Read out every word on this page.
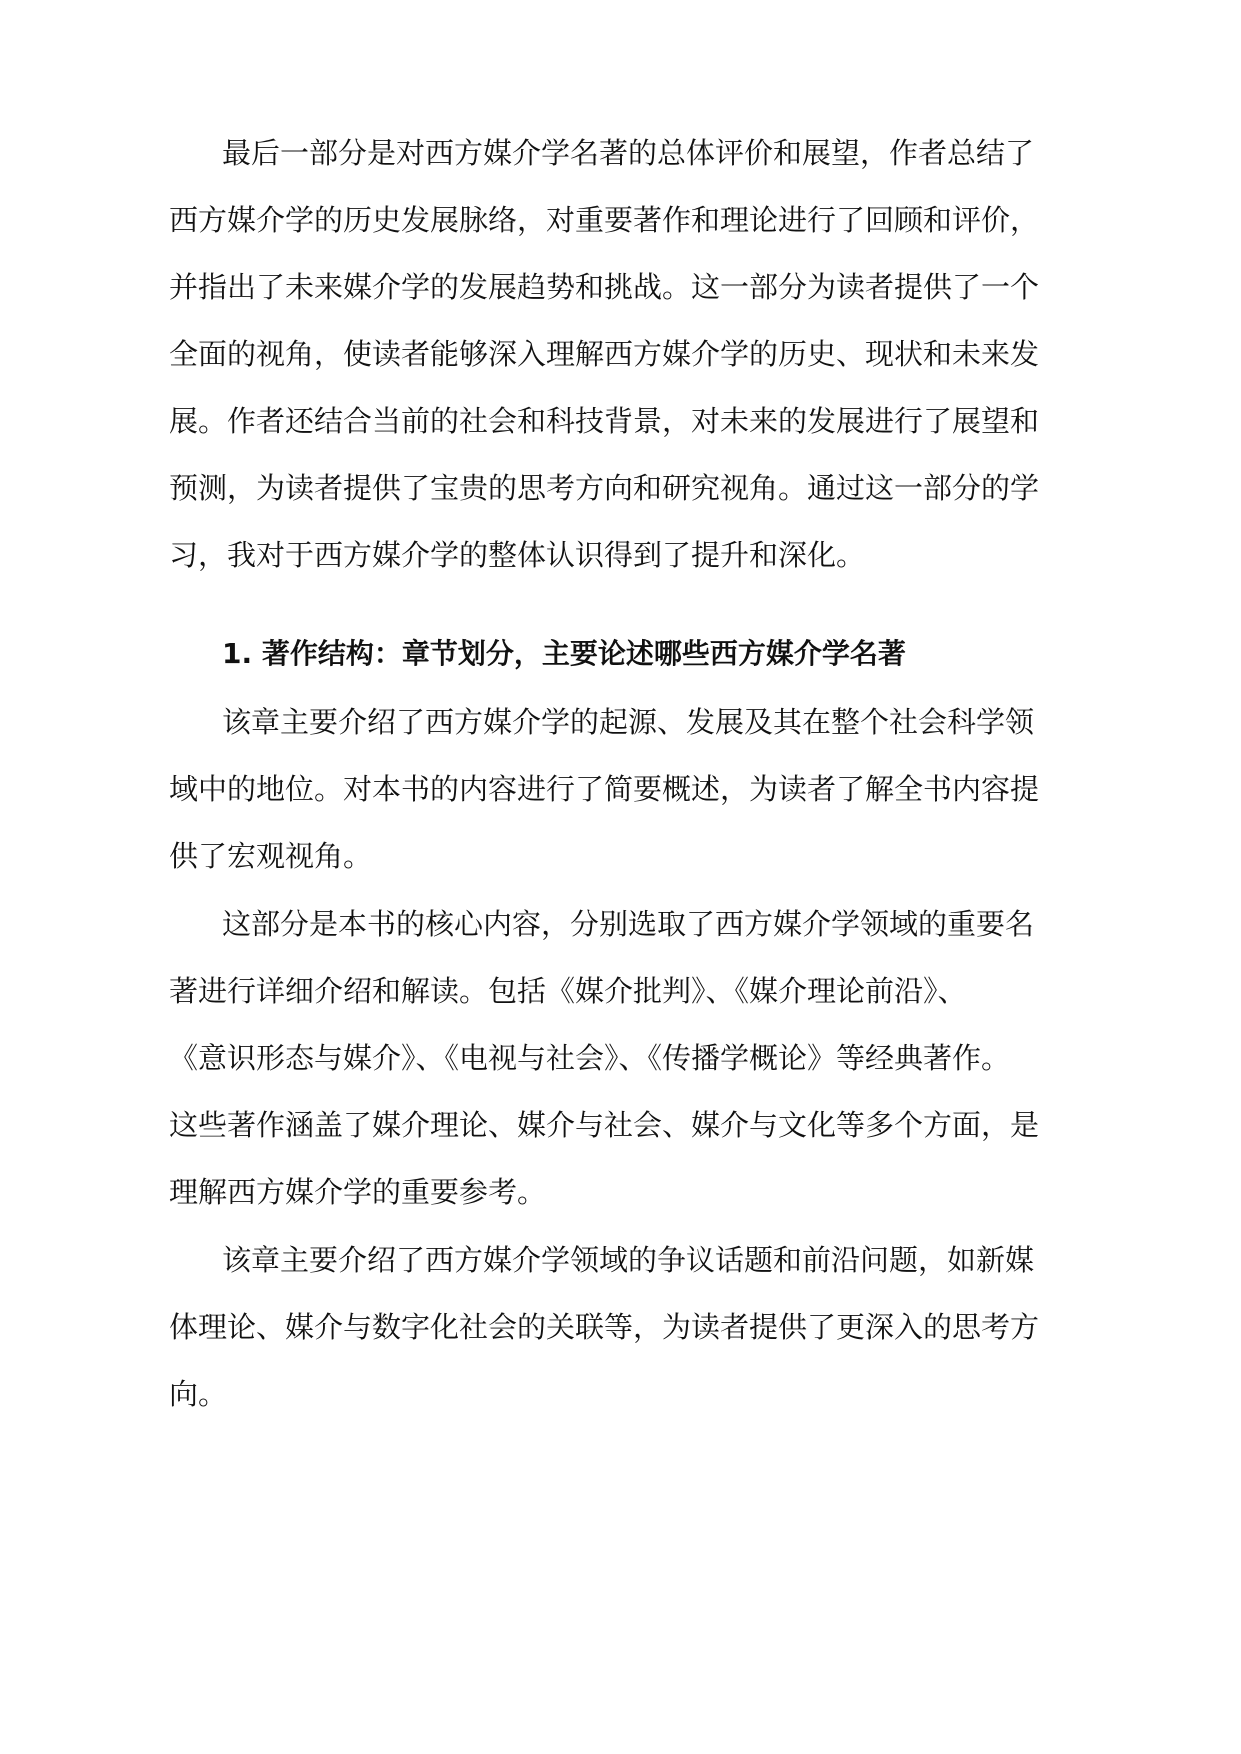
最后一部分是对西方媒介学名著的总体评价和展望，作者总结了

西方媒介学的历史发展脉络，对重要著作和理论进行了回顾和评价，

并指出了未来媒介学的发展趋势和挑战。这一部分为读者提供了一个

全面的视角，使读者能够深入理解西方媒介学的历史、现状和未来发

展。作者还结合当前的社会和科技背景，对未来的发展进行了展望和

预测，为读者提供了宝贵的思考方向和研究视角。通过这一部分的学

习，我对于西方媒介学的整体认识得到了提升和深化。

1. 著作结构：章节划分，主要论述哪些西方媒介学名著

该章主要介绍了西方媒介学的起源、发展及其在整个社会科学领

域中的地位。对本书的内容进行了简要概述，为读者了解全书内容提

供了宏观视角。

这部分是本书的核心内容，分别选取了西方媒介学领域的重要名

著进行详细介绍和解读。包括《媒介批判》、《媒介理论前沿》、

《意识形态与媒介》、《电视与社会》、《传播学概论》等经典著作。

这些著作涵盖了媒介理论、媒介与社会、媒介与文化等多个方面，是

理解西方媒介学的重要参考。

该章主要介绍了西方媒介学领域的争议话题和前沿问题，如新媒

体理论、媒介与数字化社会的关联等，为读者提供了更深入的思考方

向。
